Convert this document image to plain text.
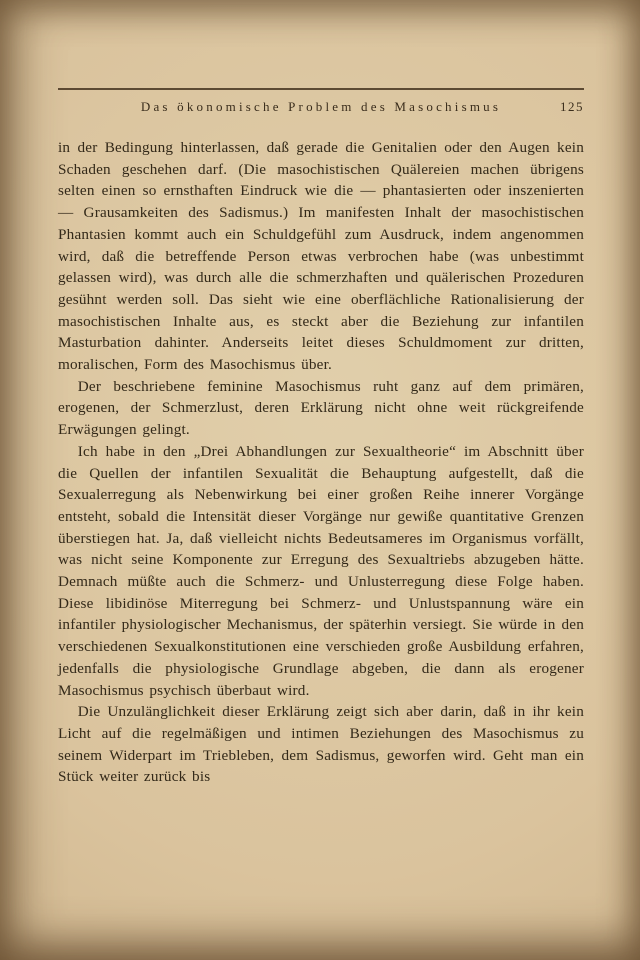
Das ökonomische Problem des Masochismus	125

in der Bedingung hinterlassen, daß gerade die Genitalien oder den Augen kein Schaden geschehen darf. (Die masochistischen Quälereien machen übrigens selten einen so ernsthaften Eindruck wie die — phantasierten oder inszenierten — Grausamkeiten des Sadismus.) Im manifesten Inhalt der masochistischen Phantasien kommt auch ein Schuldgefühl zum Ausdruck, indem angenommen wird, daß die betreffende Person etwas verbrochen habe (was unbestimmt gelassen wird), was durch alle die schmerzhaften und quälerischen Prozeduren gesühnt werden soll. Das sieht wie eine oberflächliche Rationalisierung der masochistischen Inhalte aus, es steckt aber die Beziehung zur infantilen Masturbation dahinter. Anderseits leitet dieses Schuldmoment zur dritten, moralischen, Form des Masochismus über.

Der beschriebene feminine Masochismus ruht ganz auf dem primären, erogenen, der Schmerzlust, deren Erklärung nicht ohne weit rückgreifende Erwägungen gelingt.

Ich habe in den „Drei Abhandlungen zur Sexualtheorie“ im Abschnitt über die Quellen der infantilen Sexualität die Behauptung aufgestellt, daß die Sexualerregung als Nebenwirkung bei einer großen Reihe innerer Vorgänge entsteht, sobald die Intensität dieser Vorgänge nur gewiße quantitative Grenzen überstiegen hat. Ja, daß vielleicht nichts Bedeutsameres im Organismus vorfällt, was nicht seine Komponente zur Erregung des Sexualtriebs abzugeben hätte. Demnach müßte auch die Schmerz- und Unlusterregung diese Folge haben. Diese libidinöse Miterregung bei Schmerz- und Unlustspannung wäre ein infantiler physiologischer Mechanismus, der späterhin versiegt. Sie würde in den verschiedenen Sexualkonstitutionen eine verschieden große Ausbildung erfahren, jedenfalls die physiologische Grundlage abgeben, die dann als erogener Masochismus psychisch überbaut wird.

Die Unzulänglichkeit dieser Erklärung zeigt sich aber darin, daß in ihr kein Licht auf die regelmäßigen und intimen Beziehungen des Masochismus zu seinem Widerpart im Triebleben, dem Sadismus, geworfen wird. Geht man ein Stück weiter zurück bis
